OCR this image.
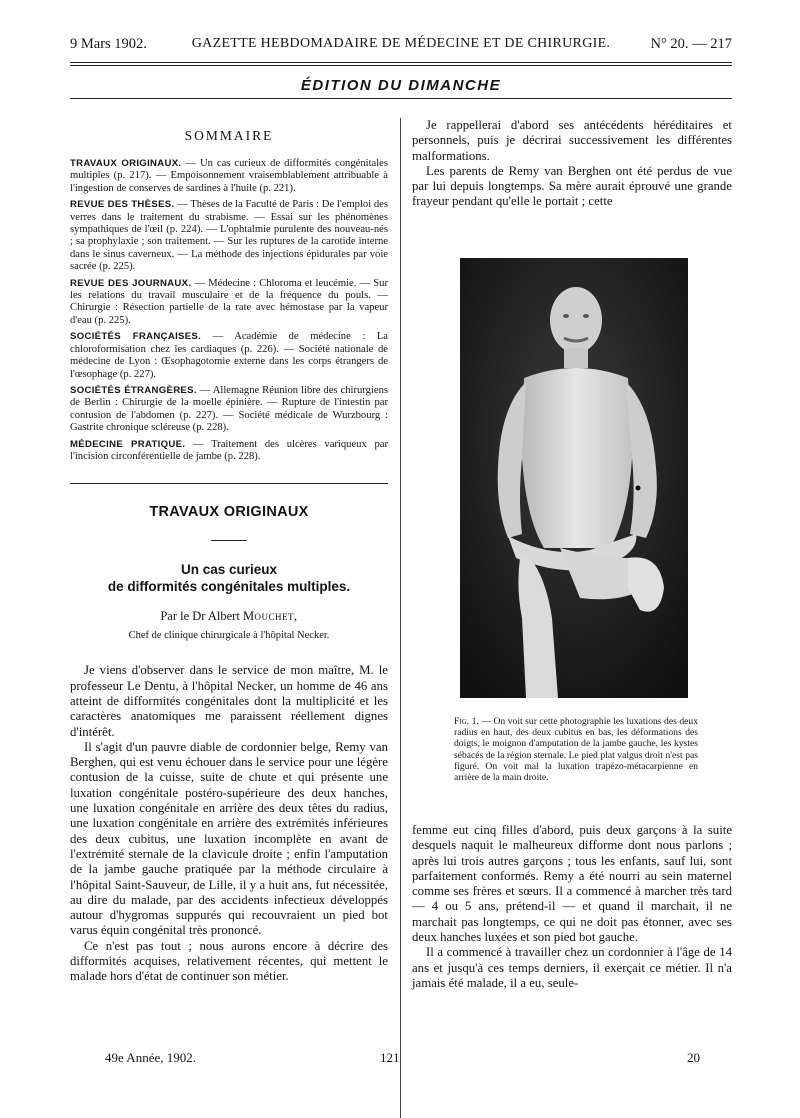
9 Mars 1902.	GAZETTE HEBDOMADAIRE DE MÉDECINE ET DE CHIRURGIE.	N° 20. — 217
ÉDITION DU DIMANCHE
SOMMAIRE
TRAVAUX ORIGINAUX. — Un cas curieux de difformités congénitales multiples (p. 217). — Empoisonnement vraisemblablement attribuable à l'ingestion de conserves de sardines à l'huile (p. 221).
REVUE DES THÈSES. — Thèses de la Faculté de Paris : De l'emploi des verres dans le traitement du strabisme. — Essai sur les phénomènes sympathiques de l'œil (p. 224). — L'ophtalmie purulente des nouveau-nés ; sa prophylaxie ; son traitement. — Sur les ruptures de la carotide interne dans le sinus caverneux. — La méthode des injections épidurales par voie sacrée (p. 225).
REVUE DES JOURNAUX. — Médecine : Chloroma et leucémie. — Sur les relations du travail musculaire et de la fréquence du pouls. — Chirurgie : Résection partielle de la rate avec hémostase par la vapeur d'eau (p. 225).
SOCIÉTÉS FRANÇAISES. — Académie de médecine : La chloroformisation chez les cardiaques (p. 226). — Société nationale de médecine de Lyon : Œsophagotomie externe dans les corps étrangers de l'œsophage (p. 227).
SOCIÉTÉS ÉTRANGÈRES. — Allemagne Réunion libre des chirurgiens de Berlin : Chirurgie de la moelle épinière. — Rupture de l'intestin par contusion de l'abdomen (p. 227). — Société médicale de Wurzbourg : Gastrite chronique scléreuse (p. 228).
MÉDECINE PRATIQUE. — Traitement des ulcères variqueux par l'incision circonférentielle de jambe (p. 228).
TRAVAUX ORIGINAUX
Un cas curieux
de difformités congénitales multiples.
Par le Dr Albert Mouchet,
Chef de clinique chirurgicale à l'hôpital Necker.

Je viens d'observer dans le service de mon maître, M. le professeur Le Dentu, à l'hôpital Necker, un homme de 46 ans atteint de difformités congénitales dont la multiplicité et les caractères anatomiques me paraissent réellement dignes d'intérêt.

Il s'agit d'un pauvre diable de cordonnier belge, Remy van Berghen, qui est venu échouer dans le service pour une légère contusion de la cuisse, suite de chute et qui présente une luxation congénitale postéro-supérieure des deux hanches, une luxation congénitale en arrière des deux têtes du radius, une luxation congénitale en arrière des extrémités inférieures des deux cubitus, une luxation incomplète en avant de l'extrémité sternale de la clavicule droite ; enfin l'amputation de la jambe gauche pratiquée par la méthode circulaire à l'hôpital Saint-Sauveur, de Lille, il y a huit ans, fut nécessitée, au dire du malade, par des accidents infectieux développés autour d'hygromas suppurés qui recouvraient un pied bot varus équin congénital très prononcé.

Ce n'est pas tout ; nous aurons encore à décrire des difformités acquises, relativement récentes, qui mettent le malade hors d'état de continuer son métier.

Je rappellerai d'abord ses antécédents héréditaires et personnels, puis je décrirai successivement les différentes malformations.

Les parents de Remy van Berghen ont été perdus de vue par lui depuis longtemps. Sa mère aurait éprouvé une grande frayeur pendant qu'elle le portait ; cette

Fig. 1. — On voit sur cette photographie les luxations des deux radius en haut, des deux cubitus en bas, les déformations des doigts, le moignon d'amputation de la jambe gauche, les kystes sébacés de la région sternale. Le pied plat valgus droit n'est pas figuré. On voit mal la luxation trapézo-métacarpienne en arrière de la main droite.

femme eut cinq filles d'abord, puis deux garçons à la suite desquels naquit le malheureux difforme dont nous parlons ; après lui trois autres garçons ; tous les enfants, sauf lui, sont parfaitement conformés. Remy a été nourri au sein maternel comme ses frères et sœurs. Il a commencé à marcher très tard — 4 ou 5 ans, prétend-il — et quand il marchait, il ne marchait pas longtemps, ce qui ne doit pas étonner, avec ses deux hanches luxées et son pied bot gauche.

Il a commencé à travailler chez un cordonnier à l'âge de 14 ans et jusqu'à ces temps derniers, il exerçait ce métier. Il n'a jamais été malade, il a eu, seule-

49e Année, 1902.	121	20
